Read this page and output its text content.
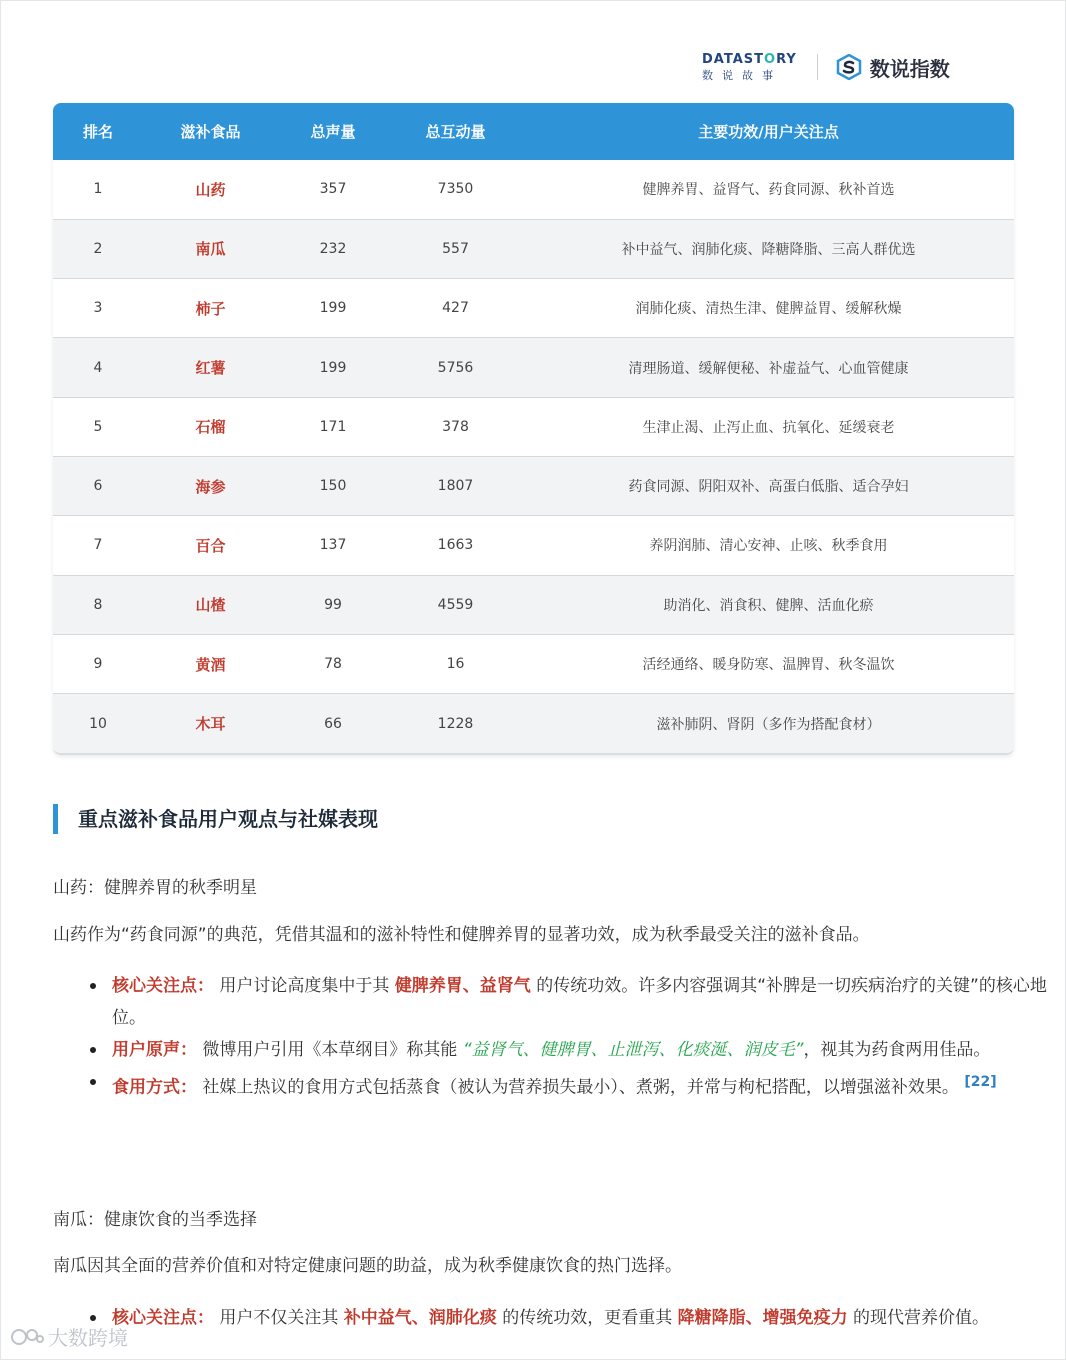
DATASTORY
数说故事	数说指数
排名	滋补食品	总声量	总互动量	主要功效/用户关注点
1	山药	357	7350	健脾养胃、益肾气、药食同源、秋补首选
2	南瓜	232	557	补中益气、润肺化痰、降糖降脂、三高人群优选
3	柿子	199	427	润肺化痰、清热生津、健脾益胃、缓解秋燥
4	红薯	199	5756	清理肠道、缓解便秘、补虚益气、心血管健康
5	石榴	171	378	生津止渴、止泻止血、抗氧化、延缓衰老
6	海参	150	1807	药食同源、阴阳双补、高蛋白低脂、适合孕妇
7	百合	137	1663	养阴润肺、清心安神、止咳、秋季食用
8	山楂	99	4559	助消化、消食积、健脾、活血化瘀
9	黄酒	78	16	活经通络、暖身防寒、温脾胃、秋冬温饮
10	木耳	66	1228	滋补肺阴、肾阴（多作为搭配食材）
重点滋补食品用户观点与社媒表现
山药：健脾养胃的秋季明星
山药作为“药食同源”的典范，凭借其温和的滋补特性和健脾养胃的显著功效，成为秋季最受关注的滋补食品。
核心关注点： 用户讨论高度集中于其 健脾养胃、益肾气 的传统功效。许多内容强调其“补脾是一切疾病治疗的关键”的核心地位。
用户原声： 微博用户引用《本草纲目》称其能 “益肾气、健脾胃、止泄泻、化痰涎、润皮毛”，视其为药食两用佳品。
食用方式： 社媒上热议的食用方式包括蒸食（被认为营养损失最小）、煮粥，并常与枸杞搭配，以增强滋补效果。 [22]
南瓜：健康饮食的当季选择
南瓜因其全面的营养价值和对特定健康问题的助益，成为秋季健康饮食的热门选择。
核心关注点： 用户不仅关注其 补中益气、润肺化痰 的传统功效，更看重其 降糖降脂、增强免疫力 的现代营养价值。
大数跨境
